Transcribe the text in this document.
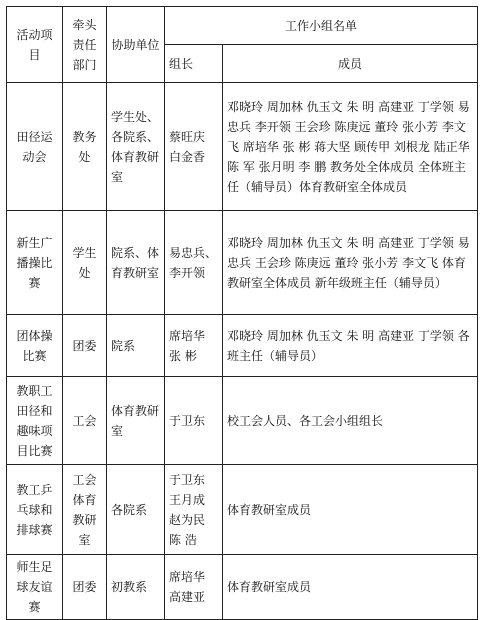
活动项目	牵头责任部门	协助单位	工作小组名单	
			组长	成员
田径运动会	教务处	学生处、各院系、体育教研室	蔡旺庆 白金香	邓晓玲 周加林 仇玉文 朱 明 高建亚 丁学领 易忠兵 李开领 王会珍 陈庚远 董玲 张小芳 李文飞 席培华 张 彬 蒋大坚 顾传甲 刘根龙 陆正华 陈 军 张月明 李 鹏 教务处全体成员 全体班主任（辅导员）体育教研室全体成员
新生广播操比赛	学生处	院系、体育教研室	易忠兵、李开领	邓晓玲 周加林 仇玉文 朱 明 高建亚 丁学领 易忠兵 王会珍 陈庚远 董玲 张小芳 李文飞 体育教研室全体成员 新年级班主任（辅导员）
团体操比赛	团委	院系	席培华 张 彬	邓晓玲 周加林 仇玉文 朱 明 高建亚 丁学领 各班主任（辅导员）
教职工田径和趣味项目比赛	工会	体育教研室	于卫东	校工会人员、各工会小组组长
教工乒乓球和排球赛	工会体育教研室	各院系	于卫东 王月成 赵为民 陈 浩	体育教研室成员
师生足球友谊赛	团委	初教系	席培华 高建亚	体育教研室成员
